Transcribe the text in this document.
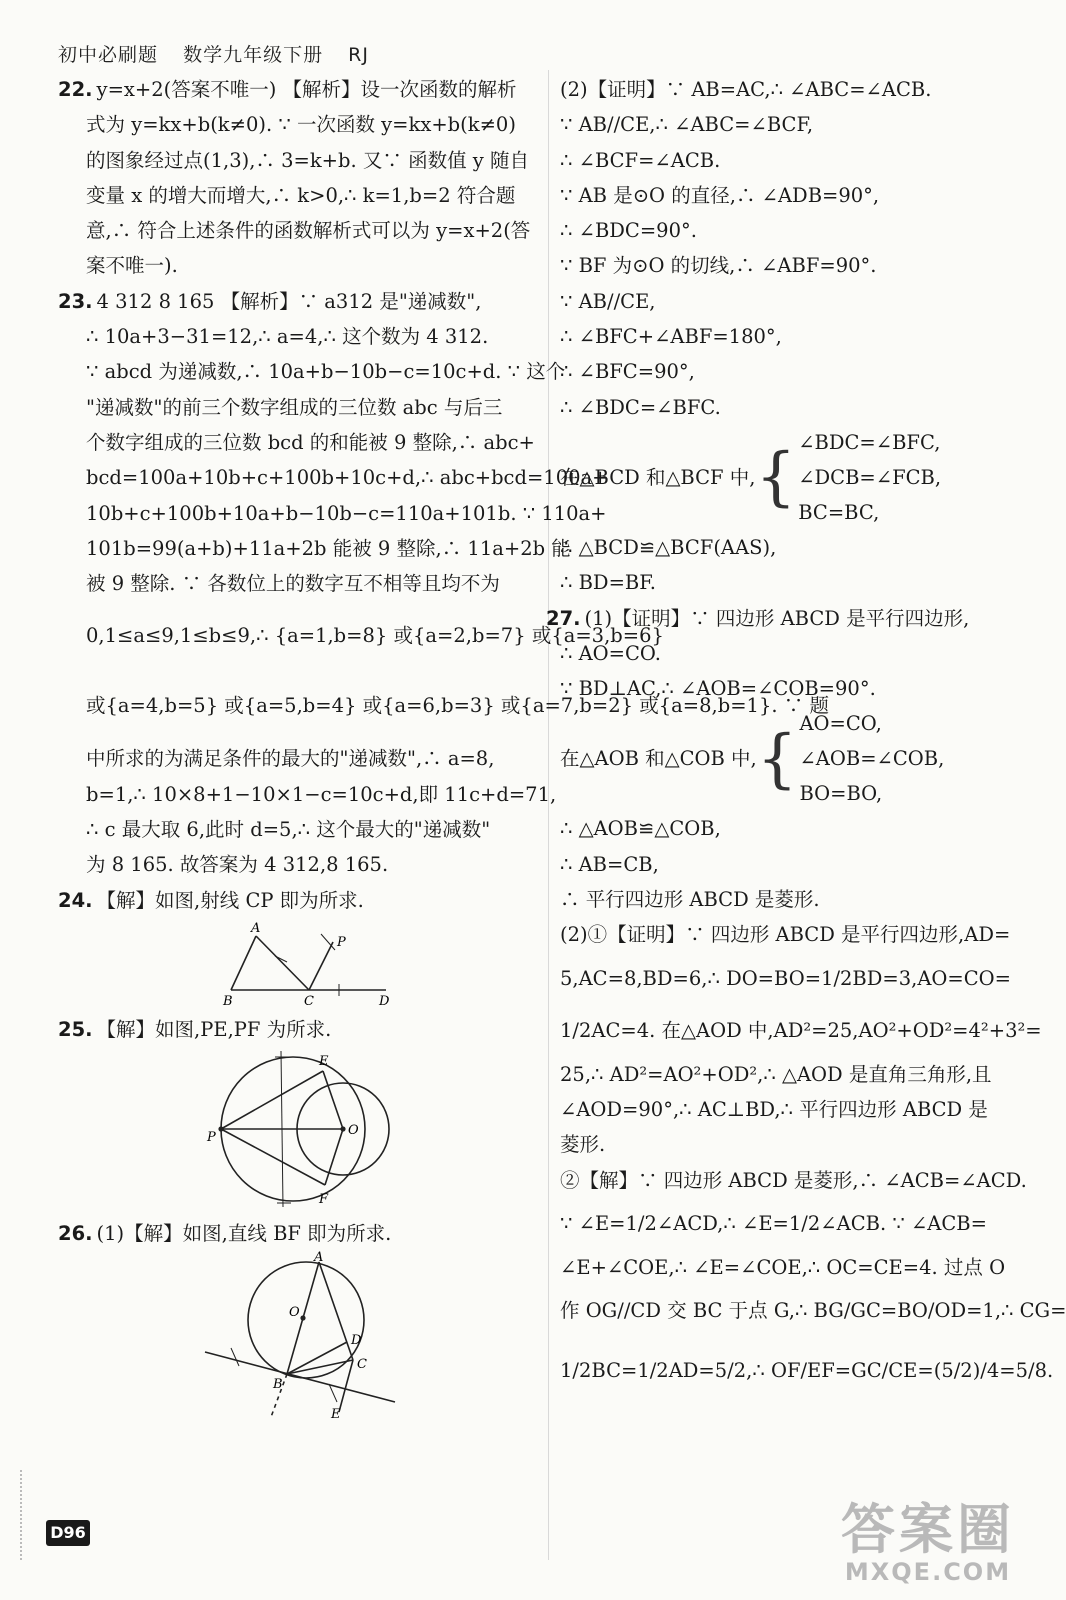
初中必刷题 数学九年级下册 RJ
22. y=x+2(答案不唯一) 【解析】设一次函数的解析
式为 y=kx+b(k≠0). ∵ 一次函数 y=kx+b(k≠0)
的图象经过点(1,3),∴ 3=k+b. 又∵ 函数值 y 随自
变量 x 的增大而增大,∴ k>0,∴ k=1,b=2 符合题
意,∴ 符合上述条件的函数解析式可以为 y=x+2(答
案不唯一).
23. 4 312 8 165 【解析】∵ a312 是"递减数",
∴ 10a+3−31=12,∴ a=4,∴ 这个数为 4 312.
∵ abcd 为递减数,∴ 10a+b−10b−c=10c+d. ∵ 这个
"递减数"的前三个数字组成的三位数 abc 与后三
个数字组成的三位数 bcd 的和能被 9 整除,∴ abc+
bcd=100a+10b+c+100b+10c+d,∴ abc+bcd=100a+
10b+c+100b+10a+b−10b−c=110a+101b. ∵ 110a+
101b=99(a+b)+11a+2b 能被 9 整除,∴ 11a+2b 能
被 9 整除. ∵ 各数位上的数字互不相等且均不为
0,1≤a≤9,1≤b≤9,∴ {a=1,b=8} 或{a=2,b=7} 或{a=3,b=6}
或{a=4,b=5} 或{a=5,b=4} 或{a=6,b=3} 或{a=7,b=2} 或{a=8,b=1}. ∵ 题
中所求的为满足条件的最大的"递减数",∴ a=8,
b=1,∴ 10×8+1−10×1−c=10c+d,即 11c+d=71,
∴ c 最大取 6,此时 d=5,∴ 这个最大的"递减数"
为 8 165. 故答案为 4 312,8 165.
24. 【解】如图,射线 CP 即为所求.
A
B	C	D
P
25. 【解】如图,PE,PF 为所求.
E
F
O
P
26. (1)【解】如图,直线 BF 即为所求.
A
B
C
D
E
O
(2)【证明】∵ AB=AC,∴ ∠ABC=∠ACB.
∵ AB//CE,∴ ∠ABC=∠BCF,
∴ ∠BCF=∠ACB.
∵ AB 是⊙O 的直径,∴ ∠ADB=90°,
∴ ∠BDC=90°.
∵ BF 为⊙O 的切线,∴ ∠ABF=90°.
∵ AB//CE,
∴ ∠BFC+∠ABF=180°,
∴ ∠BFC=90°,
∴ ∠BDC=∠BFC.
在△BCD 和△BCF 中, { ∠BDC=∠BFC,
∠DCB=∠FCB,
BC=BC,
∴ △BCD≌△BCF(AAS),
∴ BD=BF.
27. (1)【证明】∵ 四边形 ABCD 是平行四边形,
∴ AO=CO.
∵ BD⊥AC,∴ ∠AOB=∠COB=90°.
在△AOB 和△COB 中, { AO=CO,
∠AOB=∠COB,
BO=BO,
∴ △AOB≌△COB,
∴ AB=CB,
∴ 平行四边形 ABCD 是菱形.
(2)①【证明】∵ 四边形 ABCD 是平行四边形,AD=
5,AC=8,BD=6,∴ DO=BO=1/2BD=3,AO=CO=
1/2AC=4. 在△AOD 中,AD²=25,AO²+OD²=4²+3²=
25,∴ AD²=AO²+OD²,∴ △AOD 是直角三角形,且
∠AOD=90°,∴ AC⊥BD,∴ 平行四边形 ABCD 是
菱形.
②【解】∵ 四边形 ABCD 是菱形,∴ ∠ACB=∠ACD.
∵ ∠E=1/2∠ACD,∴ ∠E=1/2∠ACB. ∵ ∠ACB=
∠E+∠COE,∴ ∠E=∠COE,∴ OC=CE=4. 过点 O
作 OG//CD 交 BC 于点 G,∴ BG/GC=BO/OD=1,∴ CG=
1/2BC=1/2AD=5/2,∴ OF/EF=GC/CE=(5/2)/4=5/8.
D96	答案圈
MXQE.COM
